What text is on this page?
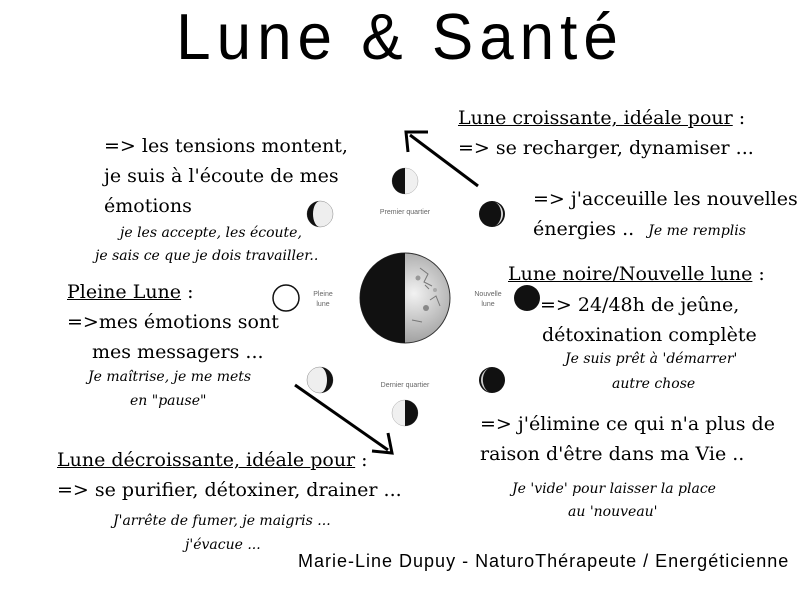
Lune & Santé
Premier quartier
Nouvelle
lune
Dernier quartier
Pleine
lune
Lune croissante, idéale pour :
=> se recharger, dynamiser ...
=> les tensions montent,
je suis à l'écoute de mes
émotions
je les accepte, les écoute,
je sais ce que je dois travailler..
=> j'acceuille les nouvelles
énergies .. Je me remplis
Pleine Lune :
=>mes émotions sont
mes messagers ...
Je maîtrise, je me mets
en "pause"
Lune noire/Nouvelle lune :
=> 24/48h de jeûne,
détoxination complète
Je suis prêt à 'démarrer'
autre chose
=> j'élimine ce qui n'a plus de
raison d'être dans ma Vie ..
Je 'vide' pour laisser la place
au 'nouveau'
Lune décroissante, idéale pour :
=> se purifier, détoxiner, drainer ...
J'arrête de fumer, je maigris ...
j'évacue ...
Marie-Line Dupuy - NaturoThérapeute / Energéticienne
